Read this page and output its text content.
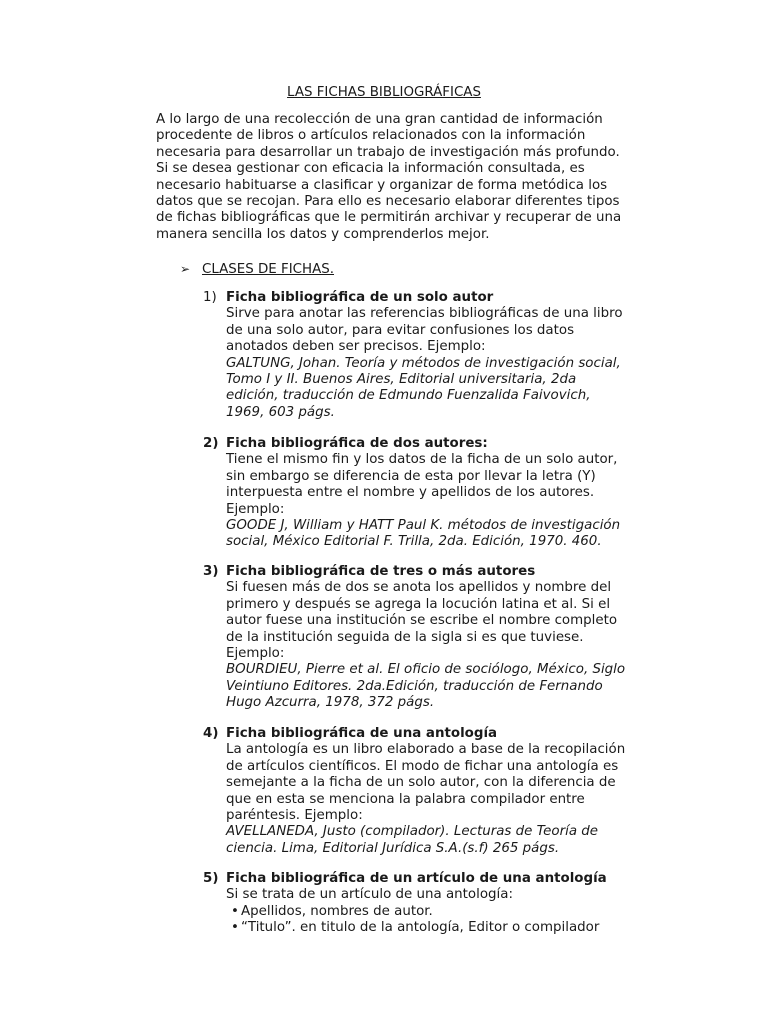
LAS FICHAS BIBLIOGRÁFICAS
A lo largo de una recolección de una gran cantidad de información
procedente de libros o artículos relacionados con la información
necesaria para desarrollar un trabajo de investigación más profundo.
Si se desea gestionar con eficacia la información consultada, es
necesario habituarse a clasificar y organizar de forma metódica los
datos que se recojan. Para ello es necesario elaborar diferentes tipos
de fichas bibliográficas que le permitirán archivar y recuperar de una
manera sencilla los datos y comprenderlos mejor.
➢ CLASES DE FICHAS.
1) Ficha bibliográfica de un solo autor
Sirve para anotar las referencias bibliográficas de una libro
de una solo autor, para evitar confusiones los datos
anotados deben ser precisos. Ejemplo:
GALTUNG, Johan. Teoría y métodos de investigación social,
Tomo I y II. Buenos Aires, Editorial universitaria, 2da
edición, traducción de Edmundo Fuenzalida Faivovich,
1969, 603 págs.
2) Ficha bibliográfica de dos autores:
Tiene el mismo fin y los datos de la ficha de un solo autor,
sin embargo se diferencia de esta por llevar la letra (Y)
interpuesta entre el nombre y apellidos de los autores.
Ejemplo:
GOODE J, William y HATT Paul K. métodos de investigación
social, México Editorial F. Trilla, 2da. Edición, 1970. 460.
3) Ficha bibliográfica de tres o más autores
Si fuesen más de dos se anota los apellidos y nombre del
primero y después se agrega la locución latina et al. Si el
autor fuese una institución se escribe el nombre completo
de la institución seguida de la sigla si es que tuviese.
Ejemplo:
BOURDIEU, Pierre et al. El oficio de sociólogo, México, Siglo
Veintiuno Editores. 2da.Edición, traducción de Fernando
Hugo Azcurra, 1978, 372 págs.
4) Ficha bibliográfica de una antología
La antología es un libro elaborado a base de la recopilación
de artículos científicos. El modo de fichar una antología es
semejante a la ficha de un solo autor, con la diferencia de
que en esta se menciona la palabra compilador entre
paréntesis. Ejemplo:
AVELLANEDA, Justo (compilador). Lecturas de Teoría de
ciencia. Lima, Editorial Jurídica S.A.(s.f) 265 págs.
5) Ficha bibliográfica de un artículo de una antología
Si se trata de un artículo de una antología:
• Apellidos, nombres de autor.
• “Titulo”. en titulo de la antología, Editor o compilador
